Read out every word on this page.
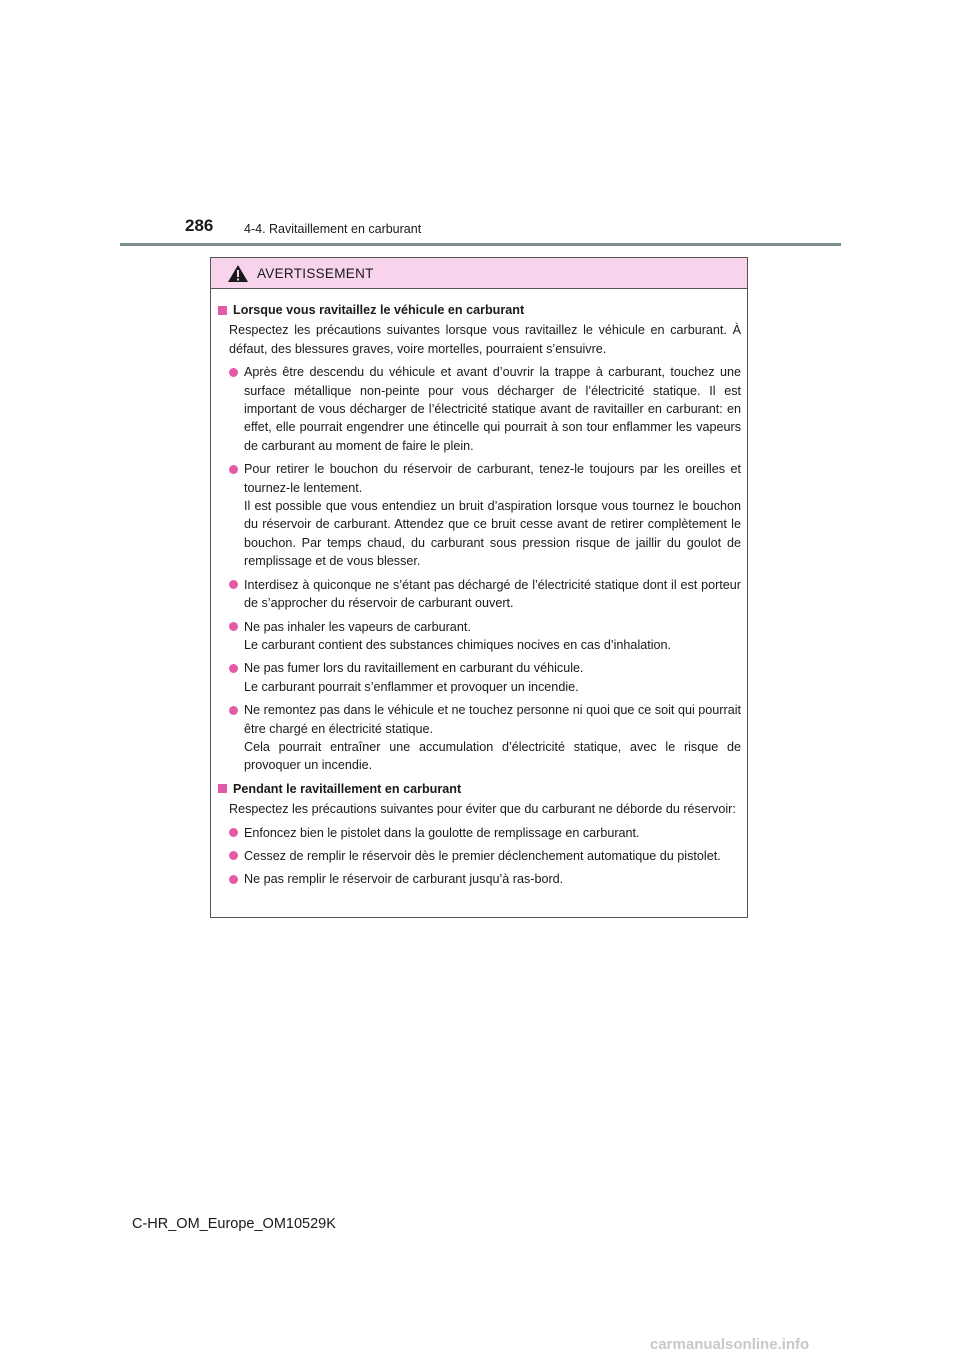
286 4-4. Ravitaillement en carburant
AVERTISSEMENT
Lorsque vous ravitaillez le véhicule en carburant
Respectez les précautions suivantes lorsque vous ravitaillez le véhicule en carburant. À défaut, des blessures graves, voire mortelles, pourraient s’ensuivre.
Après être descendu du véhicule et avant d’ouvrir la trappe à carburant, touchez une surface métallique non-peinte pour vous décharger de l’électricité statique. Il est important de vous décharger de l’électricité statique avant de ravitailler en carburant: en effet, elle pourrait engendrer une étincelle qui pourrait à son tour enflammer les vapeurs de carburant au moment de faire le plein.
Pour retirer le bouchon du réservoir de carburant, tenez-le toujours par les oreilles et tournez-le lentement.
Il est possible que vous entendiez un bruit d’aspiration lorsque vous tournez le bouchon du réservoir de carburant. Attendez que ce bruit cesse avant de retirer complètement le bouchon. Par temps chaud, du carburant sous pression risque de jaillir du goulot de remplissage et de vous blesser.
Interdisez à quiconque ne s’étant pas déchargé de l’électricité statique dont il est porteur de s’approcher du réservoir de carburant ouvert.
Ne pas inhaler les vapeurs de carburant.
Le carburant contient des substances chimiques nocives en cas d’inhalation.
Ne pas fumer lors du ravitaillement en carburant du véhicule.
Le carburant pourrait s’enflammer et provoquer un incendie.
Ne remontez pas dans le véhicule et ne touchez personne ni quoi que ce soit qui pourrait être chargé en électricité statique.
Cela pourrait entraîner une accumulation d’électricité statique, avec le risque de provoquer un incendie.
Pendant le ravitaillement en carburant
Respectez les précautions suivantes pour éviter que du carburant ne déborde du réservoir:
Enfoncez bien le pistolet dans la goulotte de remplissage en carburant.
Cessez de remplir le réservoir dès le premier déclenchement automatique du pistolet.
Ne pas remplir le réservoir de carburant jusqu’à ras-bord.
C-HR_OM_Europe_OM10529K
carmanualsonline.info
